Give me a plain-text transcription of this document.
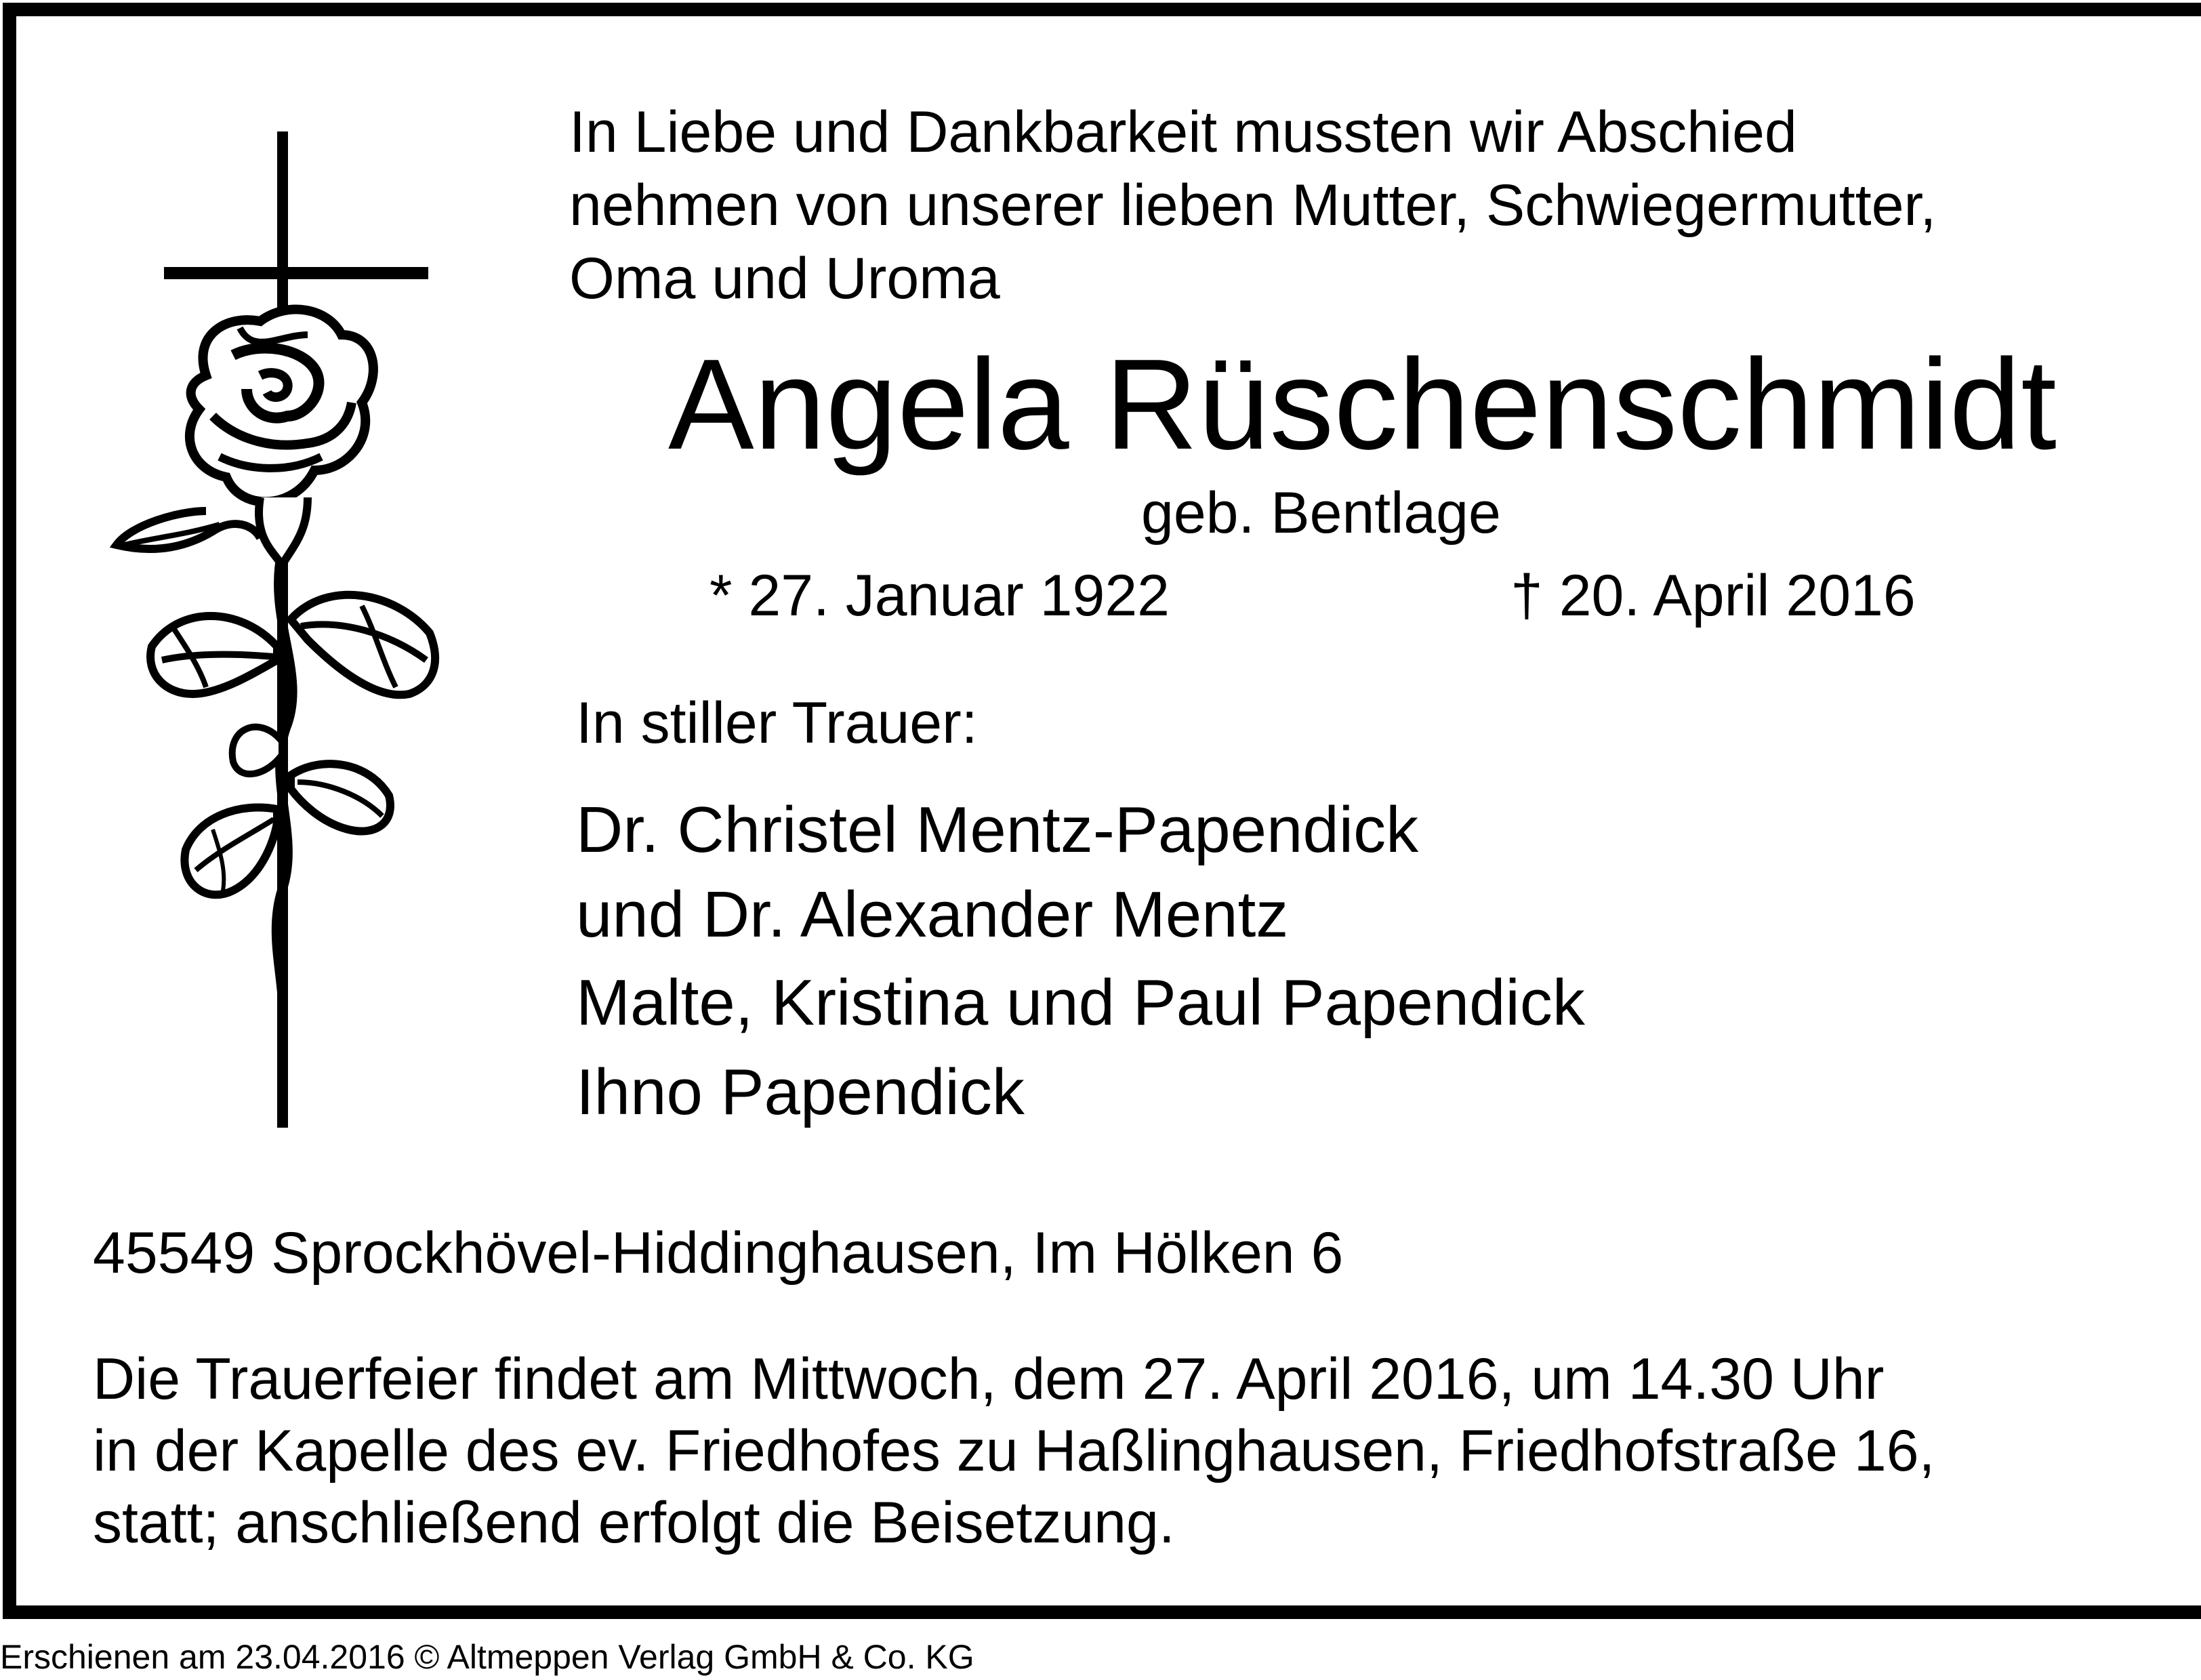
In Liebe und Dankbarkeit mussten wir Abschied
nehmen von unserer lieben Mutter, Schwiegermutter,
Oma und Uroma

Angela Rüschenschmidt

geb. Bentlage

* 27. Januar 1922	† 20. April 2016

In stiller Trauer:

Dr. Christel Mentz-Papendick

und Dr. Alexander Mentz

Malte, Kristina und Paul Papendick

Ihno Papendick

45549 Sprockhövel-Hiddinghausen, Im Hölken 6

Die Trauerfeier findet am Mittwoch, dem 27. April 2016, um 14.30 Uhr
in der Kapelle des ev. Friedhofes zu Haßlinghausen, Friedhofstraße 16,
statt; anschließend erfolgt die Beisetzung.

Erschienen am 23.04.2016 © Altmeppen Verlag GmbH & Co. KG
